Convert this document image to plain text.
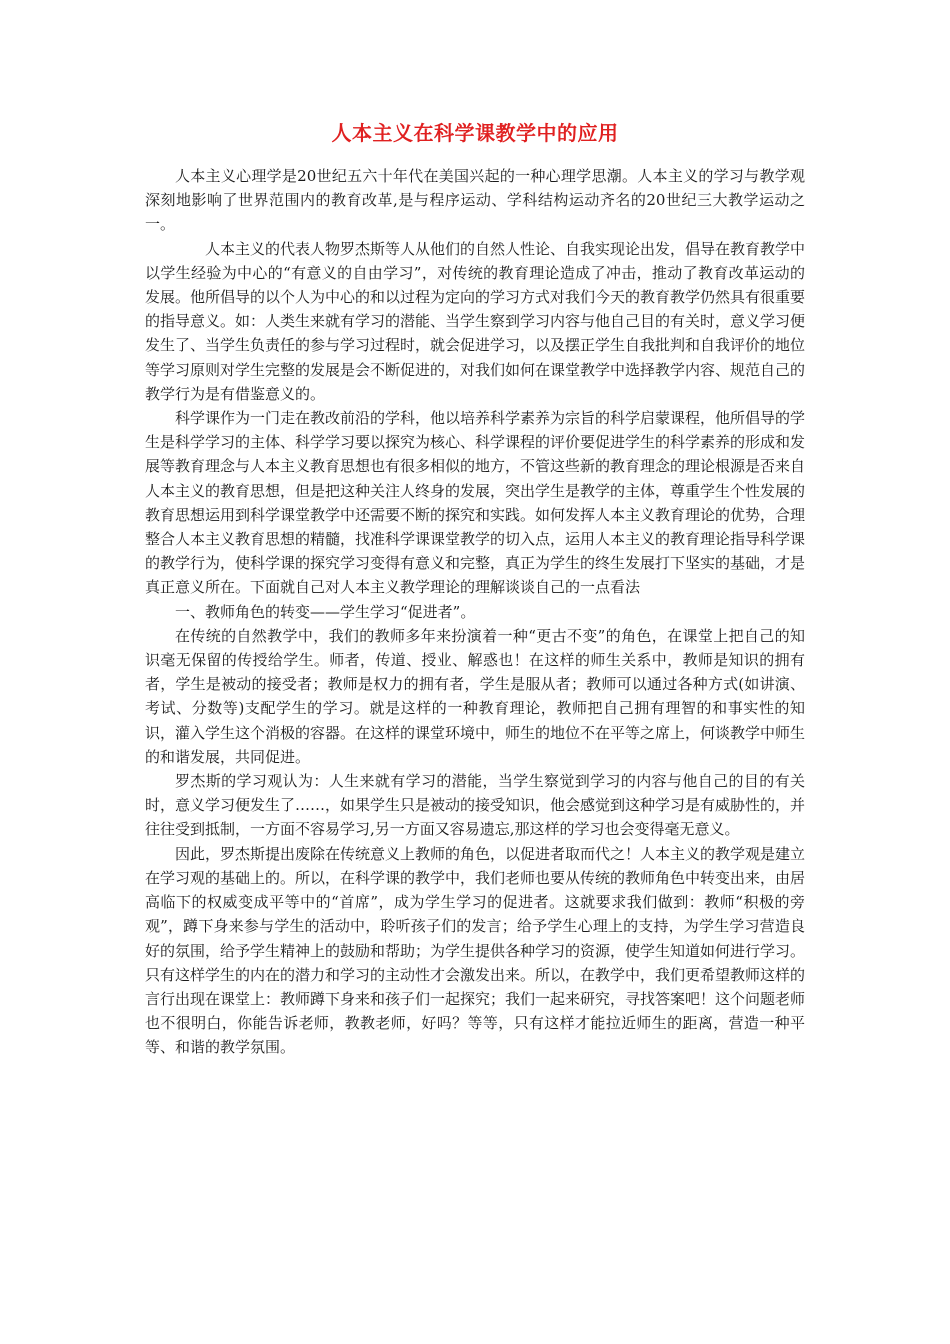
人本主义在科学课教学中的应用

人本主义心理学是20世纪五六十年代在美国兴起的一种心理学思潮。人本主义的学习与教学观深刻地影响了世界范围内的教育改革,是与程序运动、学科结构运动齐名的20世纪三大教学运动之一。

人本主义的代表人物罗杰斯等人从他们的自然人性论、自我实现论出发，倡导在教育教学中以学生经验为中心的“有意义的自由学习”，对传统的教育理论造成了冲击，推动了教育改革运动的发展。他所倡导的以个人为中心的和以过程为定向的学习方式对我们今天的教育教学仍然具有很重要的指导意义。如：人类生来就有学习的潜能、当学生察到学习内容与他自己目的有关时，意义学习便发生了、当学生负责任的参与学习过程时，就会促进学习，以及摆正学生自我批判和自我评价的地位等学习原则对学生完整的发展是会不断促进的，对我们如何在课堂教学中选择教学内容、规范自己的教学行为是有借鉴意义的。

科学课作为一门走在教改前沿的学科，他以培养科学素养为宗旨的科学启蒙课程，他所倡导的学生是科学学习的主体、科学学习要以探究为核心、科学课程的评价要促进学生的科学素养的形成和发展等教育理念与人本主义教育思想也有很多相似的地方，不管这些新的教育理念的理论根源是否来自人本主义的教育思想，但是把这种关注人终身的发展，突出学生是教学的主体，尊重学生个性发展的教育思想运用到科学课堂教学中还需要不断的探究和实践。如何发挥人本主义教育理论的优势，合理整合人本主义教育思想的精髓，找准科学课课堂教学的切入点，运用人本主义的教育理论指导科学课的教学行为，使科学课的探究学习变得有意义和完整，真正为学生的终生发展打下坚实的基础，才是真正意义所在。下面就自己对人本主义教学理论的理解谈谈自己的一点看法

一、教师角色的转变——学生学习“促进者”。

在传统的自然教学中，我们的教师多年来扮演着一种“更古不变”的角色，在课堂上把自己的知识毫无保留的传授给学生。师者，传道、授业、解惑也！在这样的师生关系中，教师是知识的拥有者，学生是被动的接受者；教师是权力的拥有者，学生是服从者；教师可以通过各种方式(如讲演、考试、分数等)支配学生的学习。就是这样的一种教育理论，教师把自己拥有理智的和事实性的知识，灌入学生这个消极的容器。在这样的课堂环境中，师生的地位不在平等之席上，何谈教学中师生的和谐发展，共同促进。

罗杰斯的学习观认为：人生来就有学习的潜能，当学生察觉到学习的内容与他自己的目的有关时，意义学习便发生了……，如果学生只是被动的接受知识，他会感觉到这种学习是有威胁性的，并往往受到抵制，一方面不容易学习,另一方面又容易遗忘,那这样的学习也会变得毫无意义。

因此，罗杰斯提出废除在传统意义上教师的角色，以促进者取而代之！人本主义的教学观是建立在学习观的基础上的。所以，在科学课的教学中，我们老师也要从传统的教师角色中转变出来，由居高临下的权威变成平等中的“首席”，成为学生学习的促进者。这就要求我们做到：教师“积极的旁观”，蹲下身来参与学生的活动中，聆听孩子们的发言；给予学生心理上的支持，为学生学习营造良好的氛围，给予学生精神上的鼓励和帮助；为学生提供各种学习的资源，使学生知道如何进行学习。只有这样学生的内在的潜力和学习的主动性才会激发出来。所以，在教学中，我们更希望教师这样的言行出现在课堂上：教师蹲下身来和孩子们一起探究；我们一起来研究，寻找答案吧！这个问题老师也不很明白，你能告诉老师，教教老师，好吗？等等，只有这样才能拉近师生的距离，营造一种平等、和谐的教学氛围。
